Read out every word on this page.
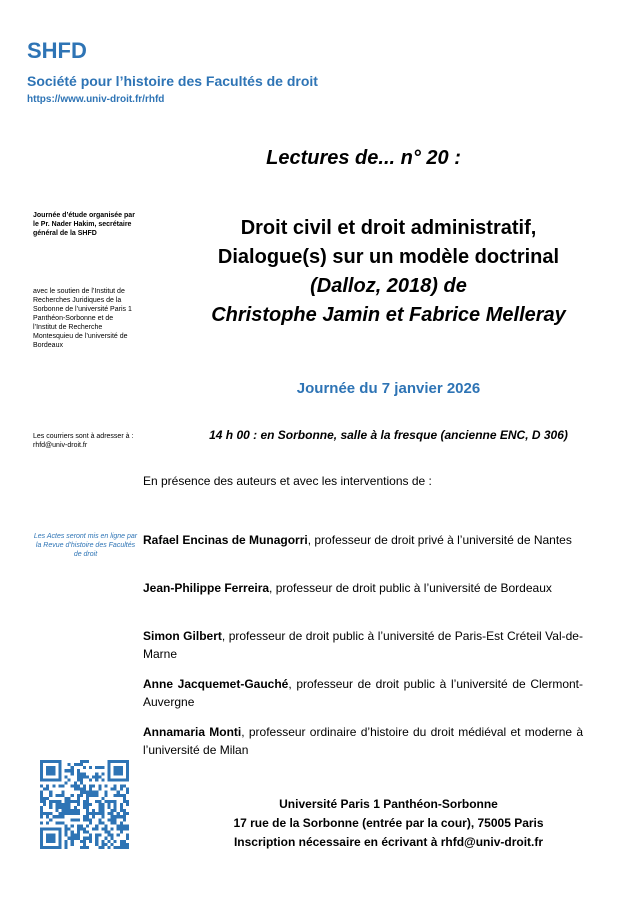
SHFD
Société pour l’histoire des Facultés de droit
https://www.univ-droit.fr/rhfd
Lectures de... n° 20 :
Journée d’étude organisée par le Pr. Nader Hakim, secrétaire général de la SHFD
avec le soutien de l’Institut de Recherches Juridiques de la Sorbonne de l’université Paris 1 Panthéon-Sorbonne et de l’Institut de Recherche Montesquieu de l’université de Bordeaux
Les courriers sont à adresser à : rhfd@univ-droit.fr
Les Actes seront mis en ligne par la Revue d’histoire des Facultés de droit
Droit civil et droit administratif,
Dialogue(s) sur un modèle doctrinal
(Dalloz, 2018) de
Christophe Jamin et Fabrice Melleray
Journée du 7 janvier 2026
14 h 00 : en Sorbonne, salle à la fresque (ancienne ENC, D 306)
En présence des auteurs et avec les interventions de :
Rafael Encinas de Munagorri, professeur de droit privé à l’université de Nantes
Jean-Philippe Ferreira, professeur de droit public à l’université de Bordeaux
Simon Gilbert, professeur de droit public à l’université de Paris-Est Créteil Val-de-Marne
Anne Jacquemet-Gauché, professeur de droit public à l’université de Clermont-Auvergne
Annamaria Monti, professeur ordinaire d’histoire du droit médiéval et moderne à l’université de Milan
Université Paris 1 Panthéon-Sorbonne
17 rue de la Sorbonne (entrée par la cour), 75005 Paris
Inscription nécessaire en écrivant à rhfd@univ-droit.fr
